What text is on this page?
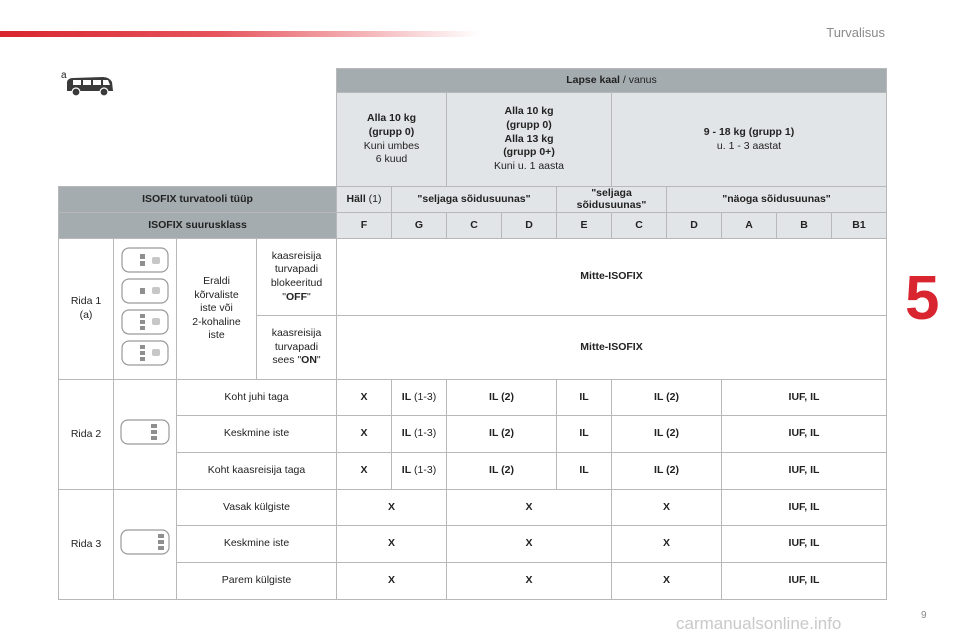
Turvalisus
5
a				Lapse kaal / vanus									
				Alla 10 kg
(grupp 0)
Kuni umbes
6 kuud		Alla 10 kg
(grupp 0)
Alla 13 kg
(grupp 0+)
Kuni u. 1 aasta			9 - 18 kg (grupp 1)
u. 1 - 3 aastat				
ISOFIX turvatooli tüüp				Häll (1)	"seljaga sõidusuunas"			"seljaga sõidusuunas"		"näoga sõidusuunas"			
ISOFIX suurusklass				F	G	C	D	E	C	D	A	B	B1
Rida 1
(a)		Eraldi
kõrvaliste
iste või
2-kohaline
iste	kaasreisija
turvapadi
blokeeritud
"OFF"	Mitte-ISOFIX									
			kaasreisija
turvapadi
sees "ON"	Mitte-ISOFIX									
Rida 2		Koht juhi taga		X	IL (1-3)	IL (2)		IL	IL (2)		IUF, IL		
		Keskmine iste		X	IL (1-3)	IL (2)		IL	IL (2)		IUF, IL		
		Koht kaasreisija taga		X	IL (1-3)	IL (2)		IL	IL (2)		IUF, IL		
Rida 3		Vasak külgiste		X		X			X		IUF, IL		
		Keskmine iste		X		X			X		IUF, IL		
		Parem külgiste		X		X			X		IUF, IL		
9
carmanualsonline.info
